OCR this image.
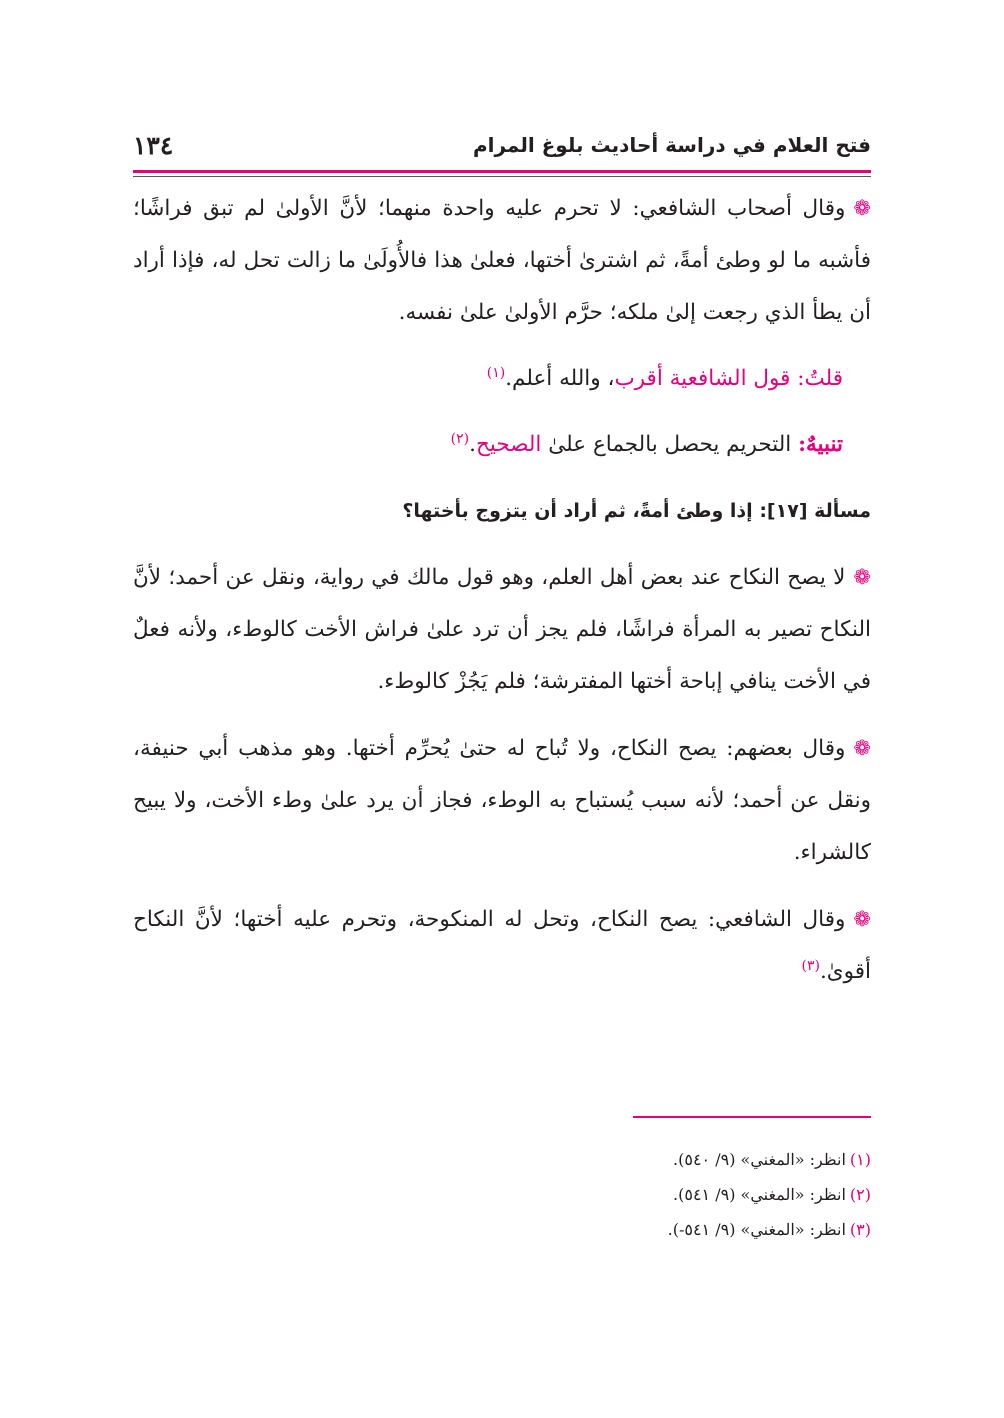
فتح العلام في دراسة أحاديث بلوغ المرام
١٣٤

❁وقال أصحاب الشافعي: لا تحرم عليه واحدة منهما؛ لأنَّ الأولىٰ لم تبق فراشًا؛ فأشبه ما لو وطئ أمةً، ثم اشترىٰ أختها، فعلىٰ هذا فالأُولَىٰ ما زالت تحل له، فإذا أراد أن يطأ الذي رجعت إلىٰ ملكه؛ حرَّم الأولىٰ علىٰ نفسه.

قلتُ: قول الشافعية أقرب، والله أعلم.$^{(١)}$

تنبيهٌ: التحريم يحصل بالجماع علىٰ الصحيح.$^{(٢)}$

مسألة [١٧]: إذا وطئ أمةً، ثم أراد أن يتزوج بأختها؟

❁لا يصح النكاح عند بعض أهل العلم، وهو قول مالك في رواية، ونقل عن أحمد؛ لأنَّ النكاح تصير به المرأة فراشًا، فلم يجز أن ترد علىٰ فراش الأخت كالوطء، ولأنه فعلٌ في الأخت ينافي إباحة أختها المفترشة؛ فلم يَجُزْ كالوطء.

❁وقال بعضهم: يصح النكاح، ولا تُباح له حتىٰ يُحرِّم أختها. وهو مذهب أبي حنيفة، ونقل عن أحمد؛ لأنه سبب يُستباح به الوطء، فجاز أن يرد علىٰ وطء الأخت، ولا يبيح كالشراء.

❁وقال الشافعي: يصح النكاح، وتحل له المنكوحة، وتحرم عليه أختها؛ لأنَّ النكاح أقوىٰ.$^{(٣)}$

(١)انظر: «المغني» (٩/ ٥٤٠).

(٢)انظر: «المغني» (٩/ ٥٤١).

(٣)انظر: «المغني» (٩/ ٥٤١-).
